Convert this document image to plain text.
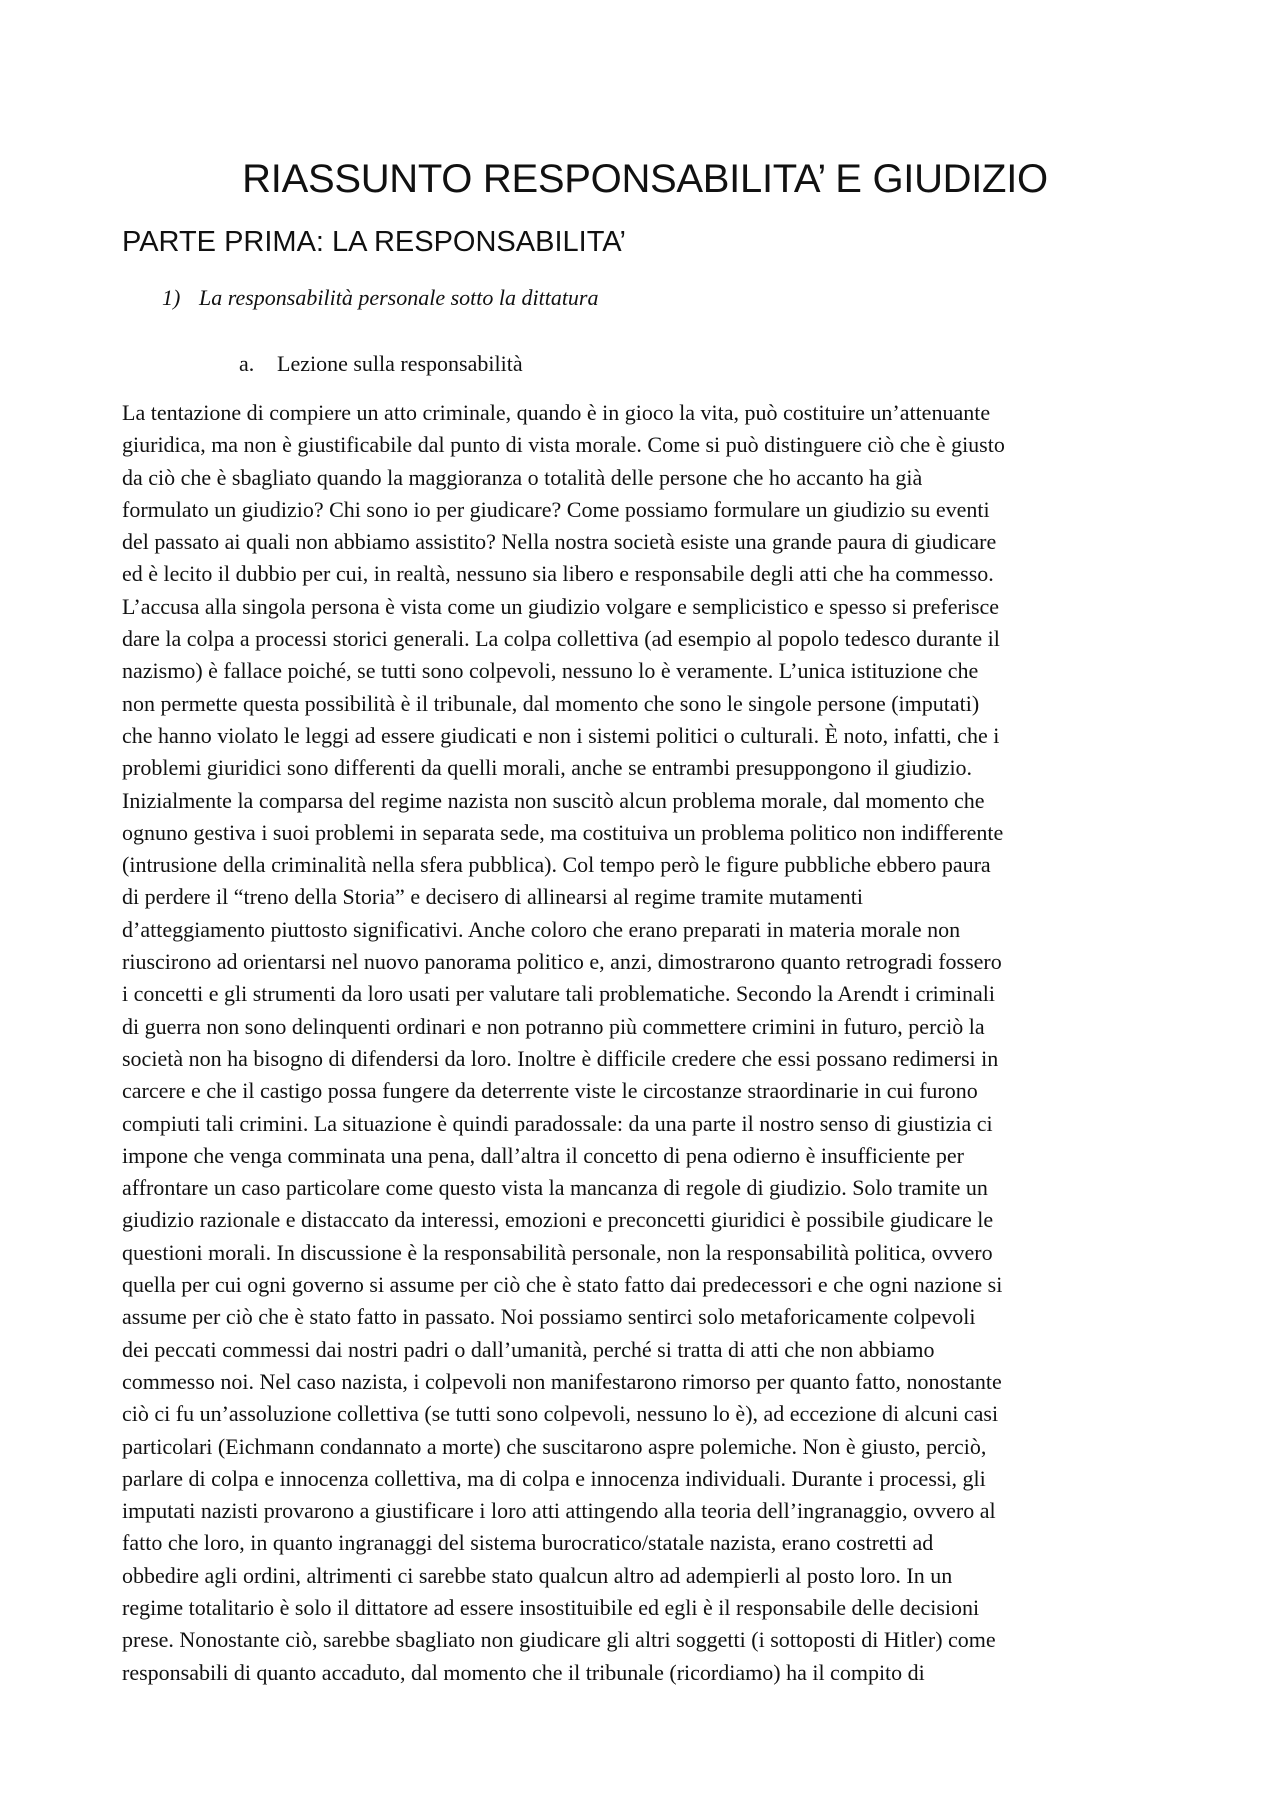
RIASSUNTO RESPONSABILITA’ E GIUDIZIO
PARTE PRIMA: LA RESPONSABILITA’
1) La responsabilità personale sotto la dittatura
a. Lezione sulla responsabilità
La tentazione di compiere un atto criminale, quando è in gioco la vita, può costituire un’attenuante
giuridica, ma non è giustificabile dal punto di vista morale. Come si può distinguere ciò che è giusto
da ciò che è sbagliato quando la maggioranza o totalità delle persone che ho accanto ha già
formulato un giudizio? Chi sono io per giudicare? Come possiamo formulare un giudizio su eventi
del passato ai quali non abbiamo assistito? Nella nostra società esiste una grande paura di giudicare
ed è lecito il dubbio per cui, in realtà, nessuno sia libero e responsabile degli atti che ha commesso.
L’accusa alla singola persona è vista come un giudizio volgare e semplicistico e spesso si preferisce
dare la colpa a processi storici generali. La colpa collettiva (ad esempio al popolo tedesco durante il
nazismo) è fallace poiché, se tutti sono colpevoli, nessuno lo è veramente. L’unica istituzione che
non permette questa possibilità è il tribunale, dal momento che sono le singole persone (imputati)
che hanno violato le leggi ad essere giudicati e non i sistemi politici o culturali. È noto, infatti, che i
problemi giuridici sono differenti da quelli morali, anche se entrambi presuppongono il giudizio.
Inizialmente la comparsa del regime nazista non suscitò alcun problema morale, dal momento che
ognuno gestiva i suoi problemi in separata sede, ma costituiva un problema politico non indifferente
(intrusione della criminalità nella sfera pubblica). Col tempo però le figure pubbliche ebbero paura
di perdere il “treno della Storia” e decisero di allinearsi al regime tramite mutamenti
d’atteggiamento piuttosto significativi. Anche coloro che erano preparati in materia morale non
riuscirono ad orientarsi nel nuovo panorama politico e, anzi, dimostrarono quanto retrogradi fossero
i concetti e gli strumenti da loro usati per valutare tali problematiche. Secondo la Arendt i criminali
di guerra non sono delinquenti ordinari e non potranno più commettere crimini in futuro, perciò la
società non ha bisogno di difendersi da loro. Inoltre è difficile credere che essi possano redimersi in
carcere e che il castigo possa fungere da deterrente viste le circostanze straordinarie in cui furono
compiuti tali crimini. La situazione è quindi paradossale: da una parte il nostro senso di giustizia ci
impone che venga comminata una pena, dall’altra il concetto di pena odierno è insufficiente per
affrontare un caso particolare come questo vista la mancanza di regole di giudizio. Solo tramite un
giudizio razionale e distaccato da interessi, emozioni e preconcetti giuridici è possibile giudicare le
questioni morali. In discussione è la responsabilità personale, non la responsabilità politica, ovvero
quella per cui ogni governo si assume per ciò che è stato fatto dai predecessori e che ogni nazione si
assume per ciò che è stato fatto in passato. Noi possiamo sentirci solo metaforicamente colpevoli
dei peccati commessi dai nostri padri o dall’umanità, perché si tratta di atti che non abbiamo
commesso noi. Nel caso nazista, i colpevoli non manifestarono rimorso per quanto fatto, nonostante
ciò ci fu un’assoluzione collettiva (se tutti sono colpevoli, nessuno lo è), ad eccezione di alcuni casi
particolari (Eichmann condannato a morte) che suscitarono aspre polemiche. Non è giusto, perciò,
parlare di colpa e innocenza collettiva, ma di colpa e innocenza individuali. Durante i processi, gli
imputati nazisti provarono a giustificare i loro atti attingendo alla teoria dell’ingranaggio, ovvero al
fatto che loro, in quanto ingranaggi del sistema burocratico/statale nazista, erano costretti ad
obbedire agli ordini, altrimenti ci sarebbe stato qualcun altro ad adempierli al posto loro. In un
regime totalitario è solo il dittatore ad essere insostituibile ed egli è il responsabile delle decisioni
prese. Nonostante ciò, sarebbe sbagliato non giudicare gli altri soggetti (i sottoposti di Hitler) come
responsabili di quanto accaduto, dal momento che il tribunale (ricordiamo) ha il compito di
